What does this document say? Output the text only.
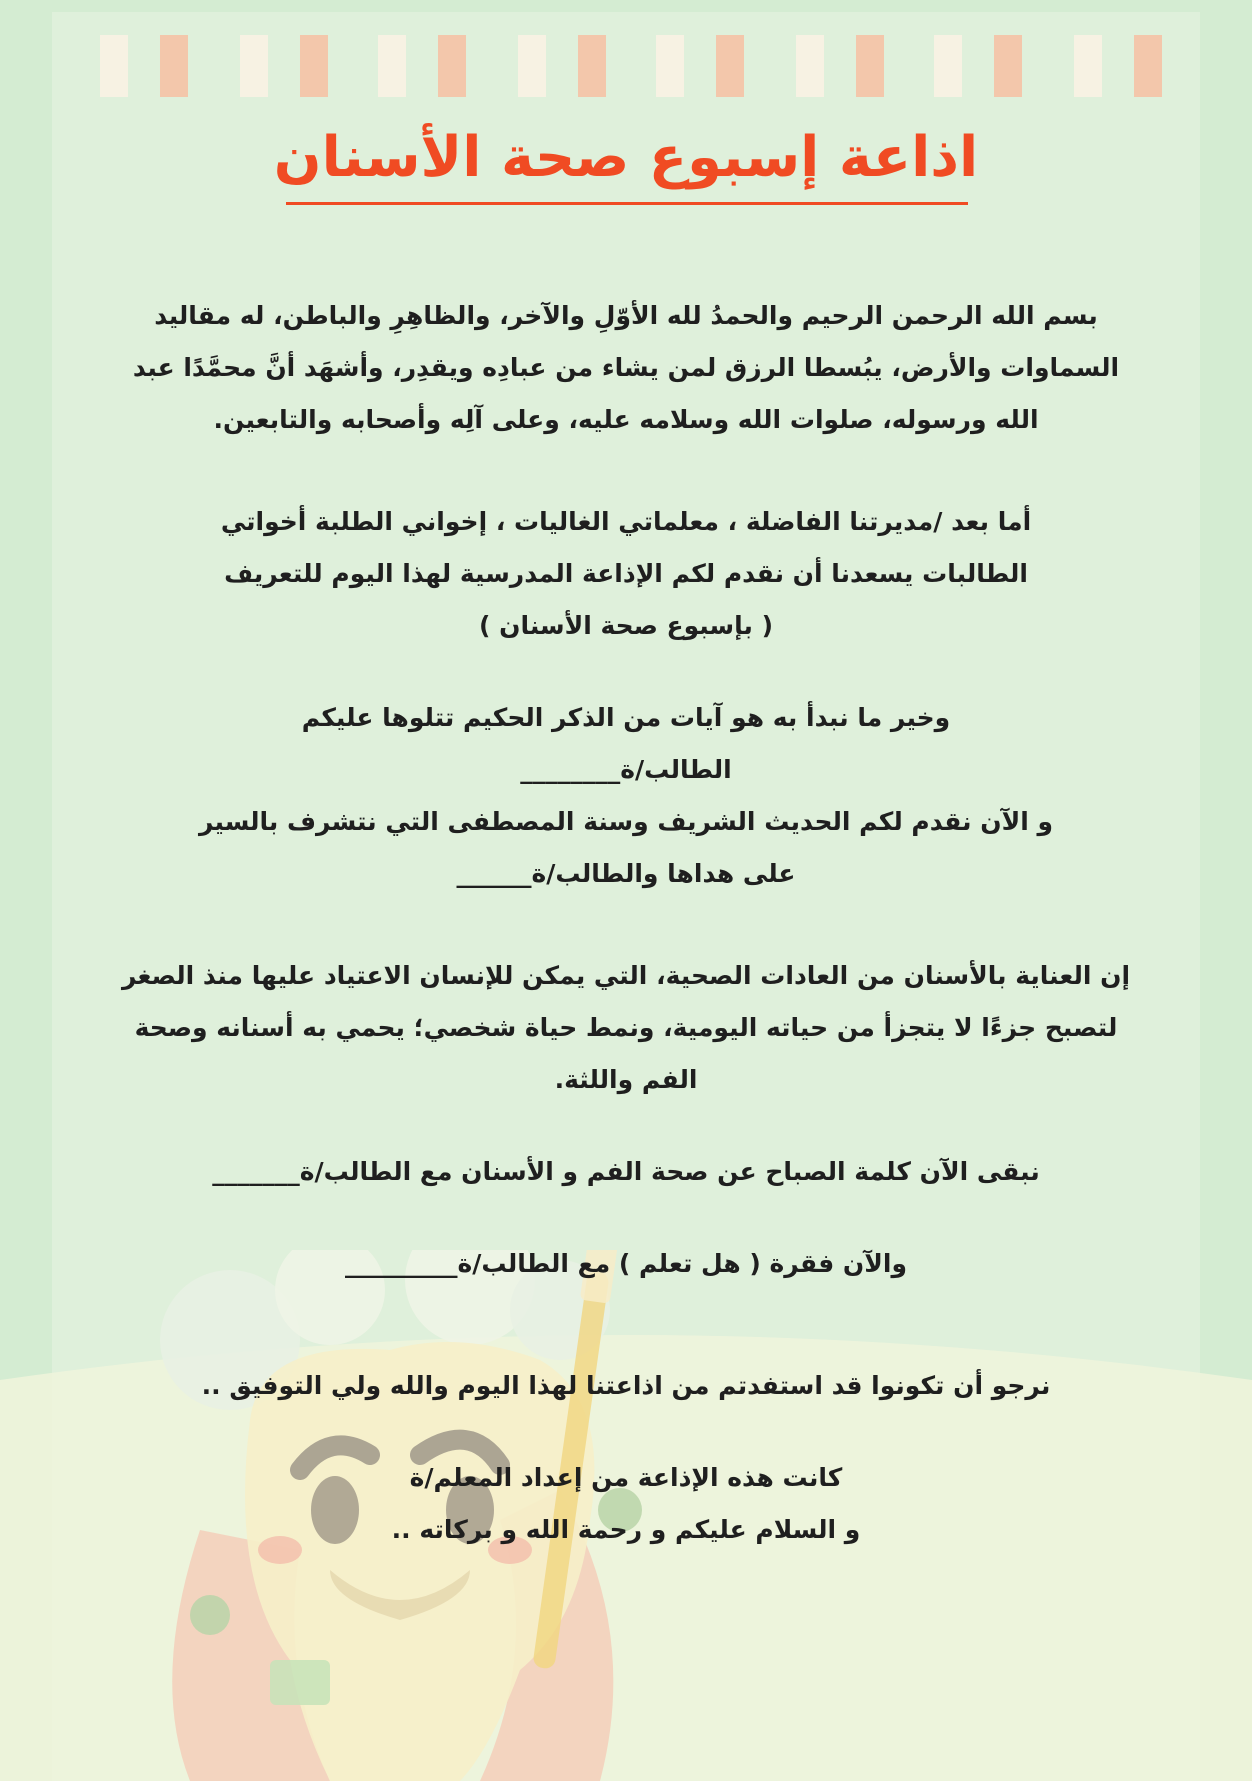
اذاعة إسبوع صحة الأسنان

بسم الله الرحمن الرحيم والحمدُ لله الأوّلِ والآخر، والظاهِرِ والباطن، له مقاليد السماوات والأرض، يبُسطا الرزق لمن يشاء من عبادِه ويقدِر، وأشهَد أنَّ محمَّدًا عبد الله ورسوله، صلوات الله وسلامه عليه، وعلى آلِه وأصحابه والتابعين.

أما بعد /مديرتنا الفاضلة ، معلماتي الغاليات ، إخواني الطلبة أخواتي

الطالبات يسعدنا أن نقدم لكم الإذاعة المدرسية لهذا اليوم للتعريف

( بإسبوع صحة الأسنان )

وخير ما نبدأ به هو آيات من الذكر الحكيم تتلوها عليكم

الطالب/ة________

و الآن نقدم لكم الحديث الشريف وسنة المصطفى التي نتشرف بالسير

على هداها والطالب/ة______

إن العناية بالأسنان من العادات الصحية، التي يمكن للإنسان الاعتياد عليها منذ الصغر لتصبح جزءًا لا يتجزأ من حياته اليومية، ونمط حياة شخصي؛ يحمي به أسنانه وصحة الفم واللثة.

نبقى الآن كلمة الصباح عن صحة الفم و الأسنان مع الطالب/ة_______

والآن فقرة ( هل تعلم ) مع الطالب/ة_________

نرجو أن تكونوا قد استفدتم من اذاعتنا لهذا اليوم والله ولي التوفيق ..

كانت هذه الإذاعة من إعداد المعلم/ة

و السلام عليكم و رحمة الله و بركاته ..
